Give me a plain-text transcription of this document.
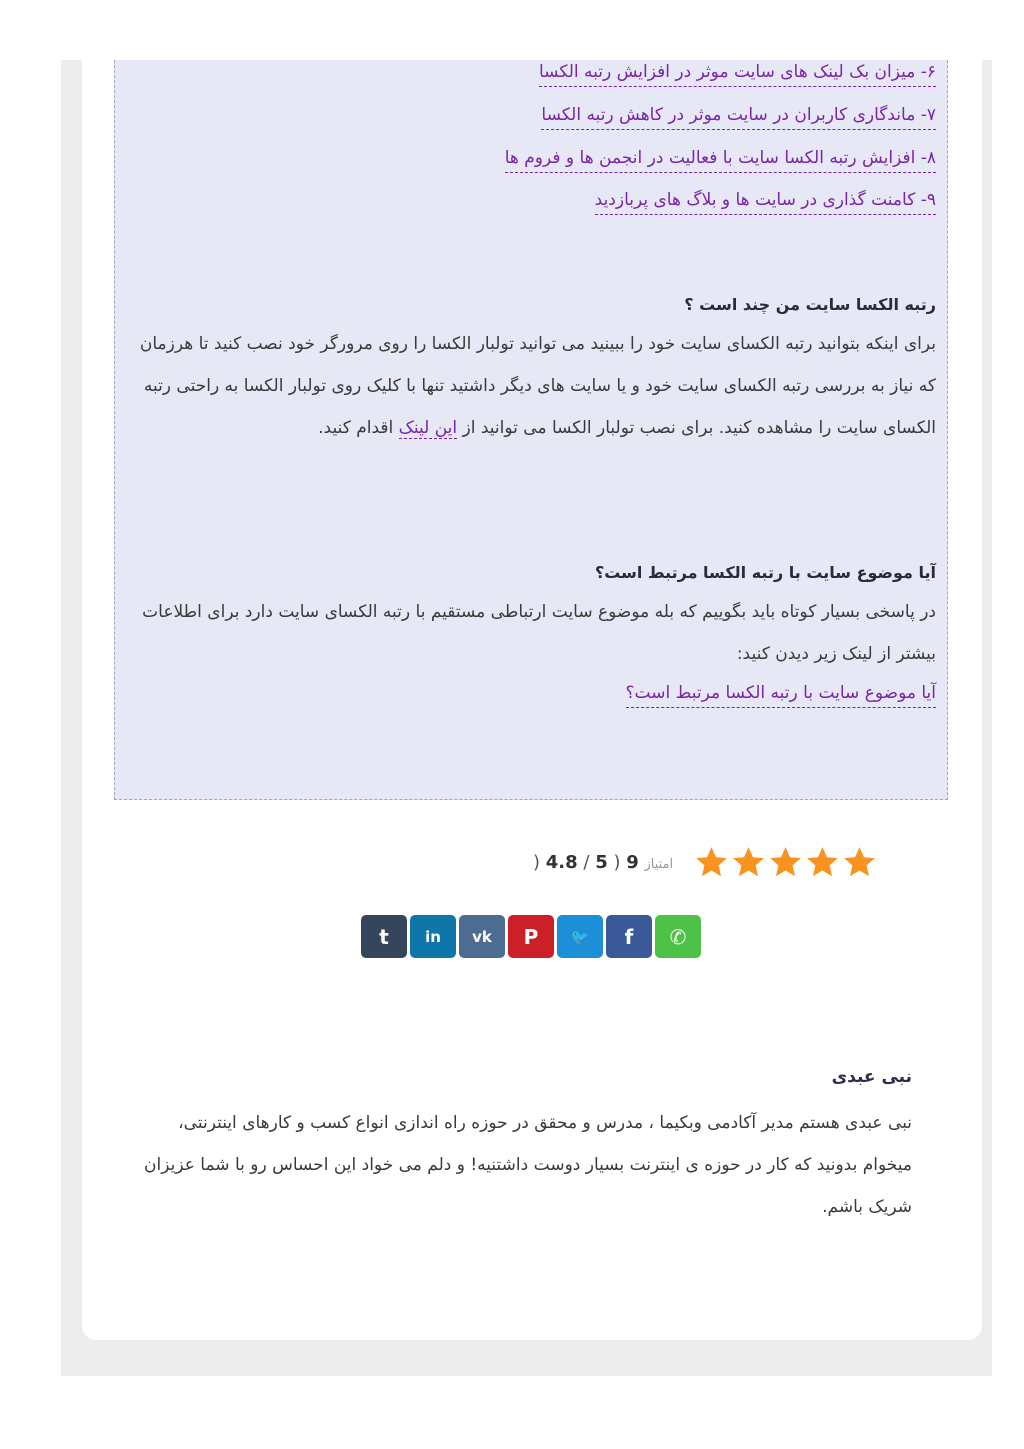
۶- میزان بک لینک های سایت موثر در افزایش رتبه الکسا
۷- ماندگاری کاربران در سایت موثر در کاهش رتبه الکسا
۸- افزایش رتبه الکسا سایت با فعالیت در انجمن ها و فروم ها
۹- کامنت گذاری در سایت ها و بلاگ های پربازدید
رتبه الکسا سایت من چند است ؟
برای اینکه بتوانید رتبه الکسای سایت خود را ببینید می توانید تولبار الکسا را روی مرورگر خود نصب کنید تا هرزمان که نیاز به بررسی رتبه الکسای سایت خود و یا سایت های دیگر داشتید تنها با کلیک روی تولبار الکسا به راحتی رتبه الکسای سایت را مشاهده کنید. برای نصب تولبار الکسا می توانید از این لینک اقدام کنید.
آیا موضوع سایت با رتبه الکسا مرتبط است؟
در پاسخی بسیار کوتاه باید بگوییم که بله موضوع سایت ارتباطی مستقیم با رتبه الکسای سایت دارد برای اطلاعات بیشتر از لینک زیر دیدن کنید:
آیا موضوع سایت با رتبه الکسا مرتبط است؟
)	امتیاز 9 ( 5 / 4.8
t in vk P 🐦 f ✆
نبی عبدی
نبی عبدی هستم مدیر آکادمی وبکیما ، مدرس و محقق در حوزه راه اندازی انواع کسب و کارهای اینترنتی، میخوام بدونید که کار در حوزه ی اینترنت بسیار دوست داشتنیه! و دلم می خواد این احساس رو با شما عزیزان شریک باشم.
